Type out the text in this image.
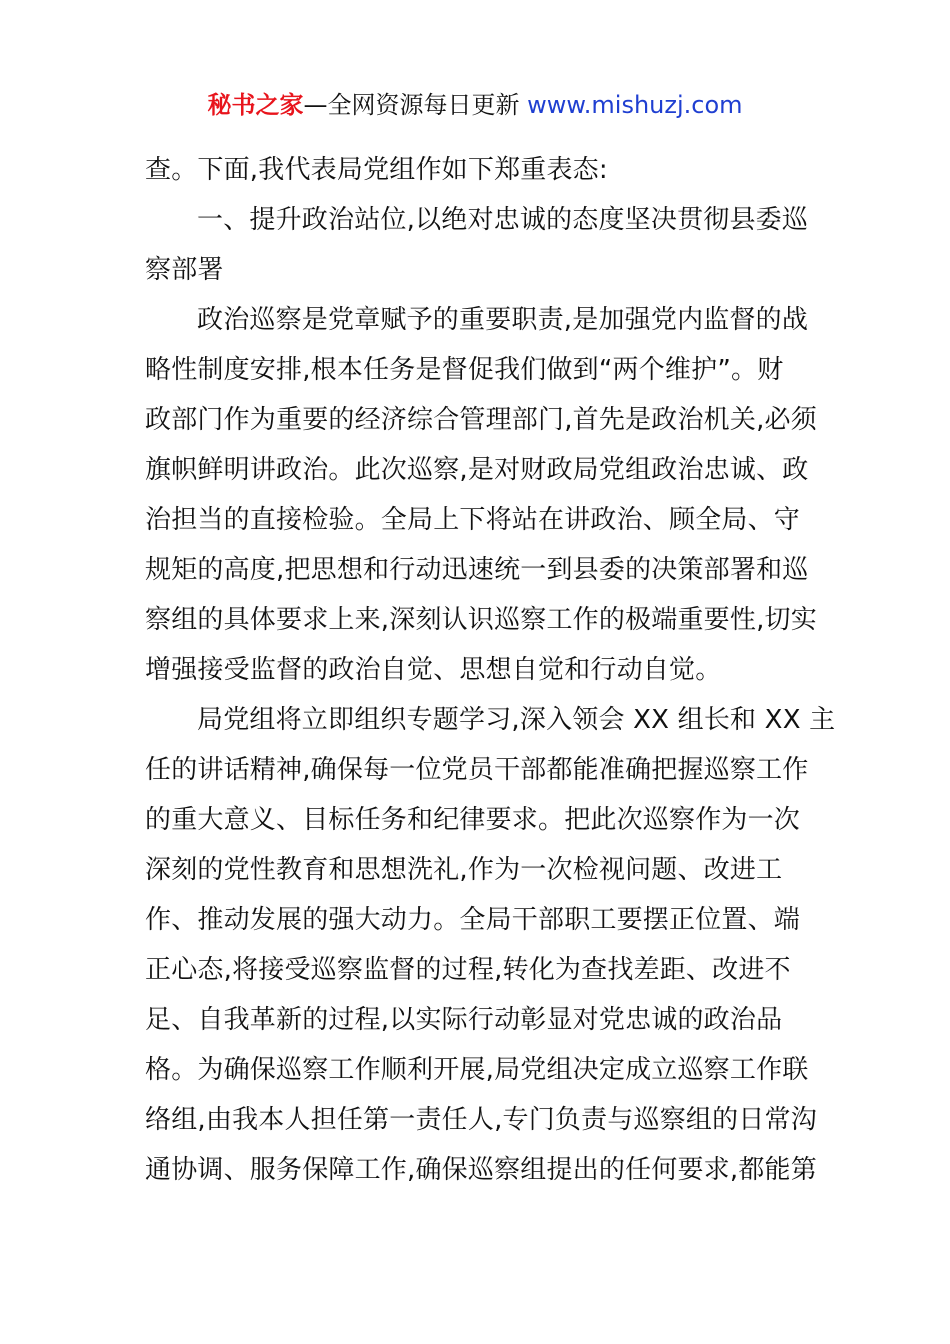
秘书之家—全网资源每日更新 www.mishuzj.com
查。下面,我代表局党组作如下郑重表态:
一、提升政治站位,以绝对忠诚的态度坚决贯彻县委巡
察部署
政治巡察是党章赋予的重要职责,是加强党内监督的战
略性制度安排,根本任务是督促我们做到“两个维护”。财
政部门作为重要的经济综合管理部门,首先是政治机关,必须
旗帜鲜明讲政治。此次巡察,是对财政局党组政治忠诚、政
治担当的直接检验。全局上下将站在讲政治、顾全局、守
规矩的高度,把思想和行动迅速统一到县委的决策部署和巡
察组的具体要求上来,深刻认识巡察工作的极端重要性,切实
增强接受监督的政治自觉、思想自觉和行动自觉。
局党组将立即组织专题学习,深入领会 XX 组长和 XX 主
任的讲话精神,确保每一位党员干部都能准确把握巡察工作
的重大意义、目标任务和纪律要求。把此次巡察作为一次
深刻的党性教育和思想洗礼,作为一次检视问题、改进工
作、推动发展的强大动力。全局干部职工要摆正位置、端
正心态,将接受巡察监督的过程,转化为查找差距、改进不
足、自我革新的过程,以实际行动彰显对党忠诚的政治品
格。为确保巡察工作顺利开展,局党组决定成立巡察工作联
络组,由我本人担任第一责任人,专门负责与巡察组的日常沟
通协调、服务保障工作,确保巡察组提出的任何要求,都能第
